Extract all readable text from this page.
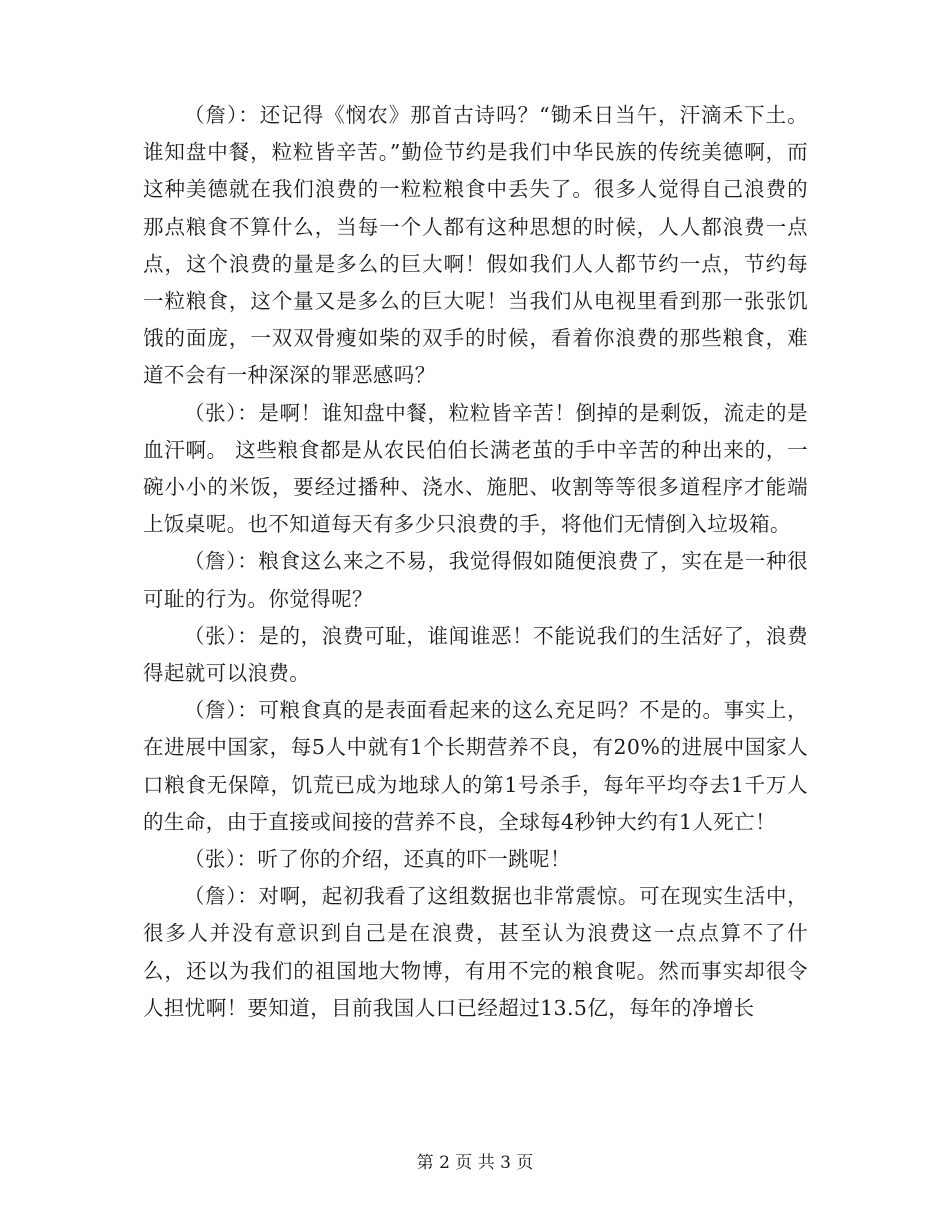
（詹）：还记得《悯农》那首古诗吗？“锄禾日当午，汗滴禾下土。谁知盘中餐，粒粒皆辛苦。”勤俭节约是我们中华民族的传统美德啊，而这种美德就在我们浪费的一粒粒粮食中丢失了。很多人觉得自己浪费的那点粮食不算什么，当每一个人都有这种思想的时候，人人都浪费一点点，这个浪费的量是多么的巨大啊！假如我们人人都节约一点，节约每一粒粮食，这个量又是多么的巨大呢！当我们从电视里看到那一张张饥饿的面庞，一双双骨瘦如柴的双手的时候，看着你浪费的那些粮食，难道不会有一种深深的罪恶感吗？

（张）：是啊！谁知盘中餐，粒粒皆辛苦！倒掉的是剩饭，流走的是血汗啊。 这些粮食都是从农民伯伯长满老茧的手中辛苦的种出来的，一碗小小的米饭，要经过播种、浇水、施肥、收割等等很多道程序才能端上饭桌呢。也不知道每天有多少只浪费的手，将他们无情倒入垃圾箱。

（詹）：粮食这么来之不易，我觉得假如随便浪费了，实在是一种很可耻的行为。你觉得呢？

（张）：是的，浪费可耻，谁闻谁恶！不能说我们的生活好了，浪费得起就可以浪费。

（詹）：可粮食真的是表面看起来的这么充足吗？不是的。事实上，在进展中国家，每5人中就有1个长期营养不良，有20%的进展中国家人口粮食无保障，饥荒已成为地球人的第1号杀手，每年平均夺去1千万人的生命，由于直接或间接的营养不良，全球每4秒钟大约有1人死亡！

（张）：听了你的介绍，还真的吓一跳呢！

（詹）：对啊，起初我看了这组数据也非常震惊。可在现实生活中，很多人并没有意识到自己是在浪费，甚至认为浪费这一点点算不了什么，还以为我们的祖国地大物博，有用不完的粮食呢。然而事实却很令人担忧啊！要知道，目前我国人口已经超过13.5亿，每年的净增长

第 2 页 共 3 页
